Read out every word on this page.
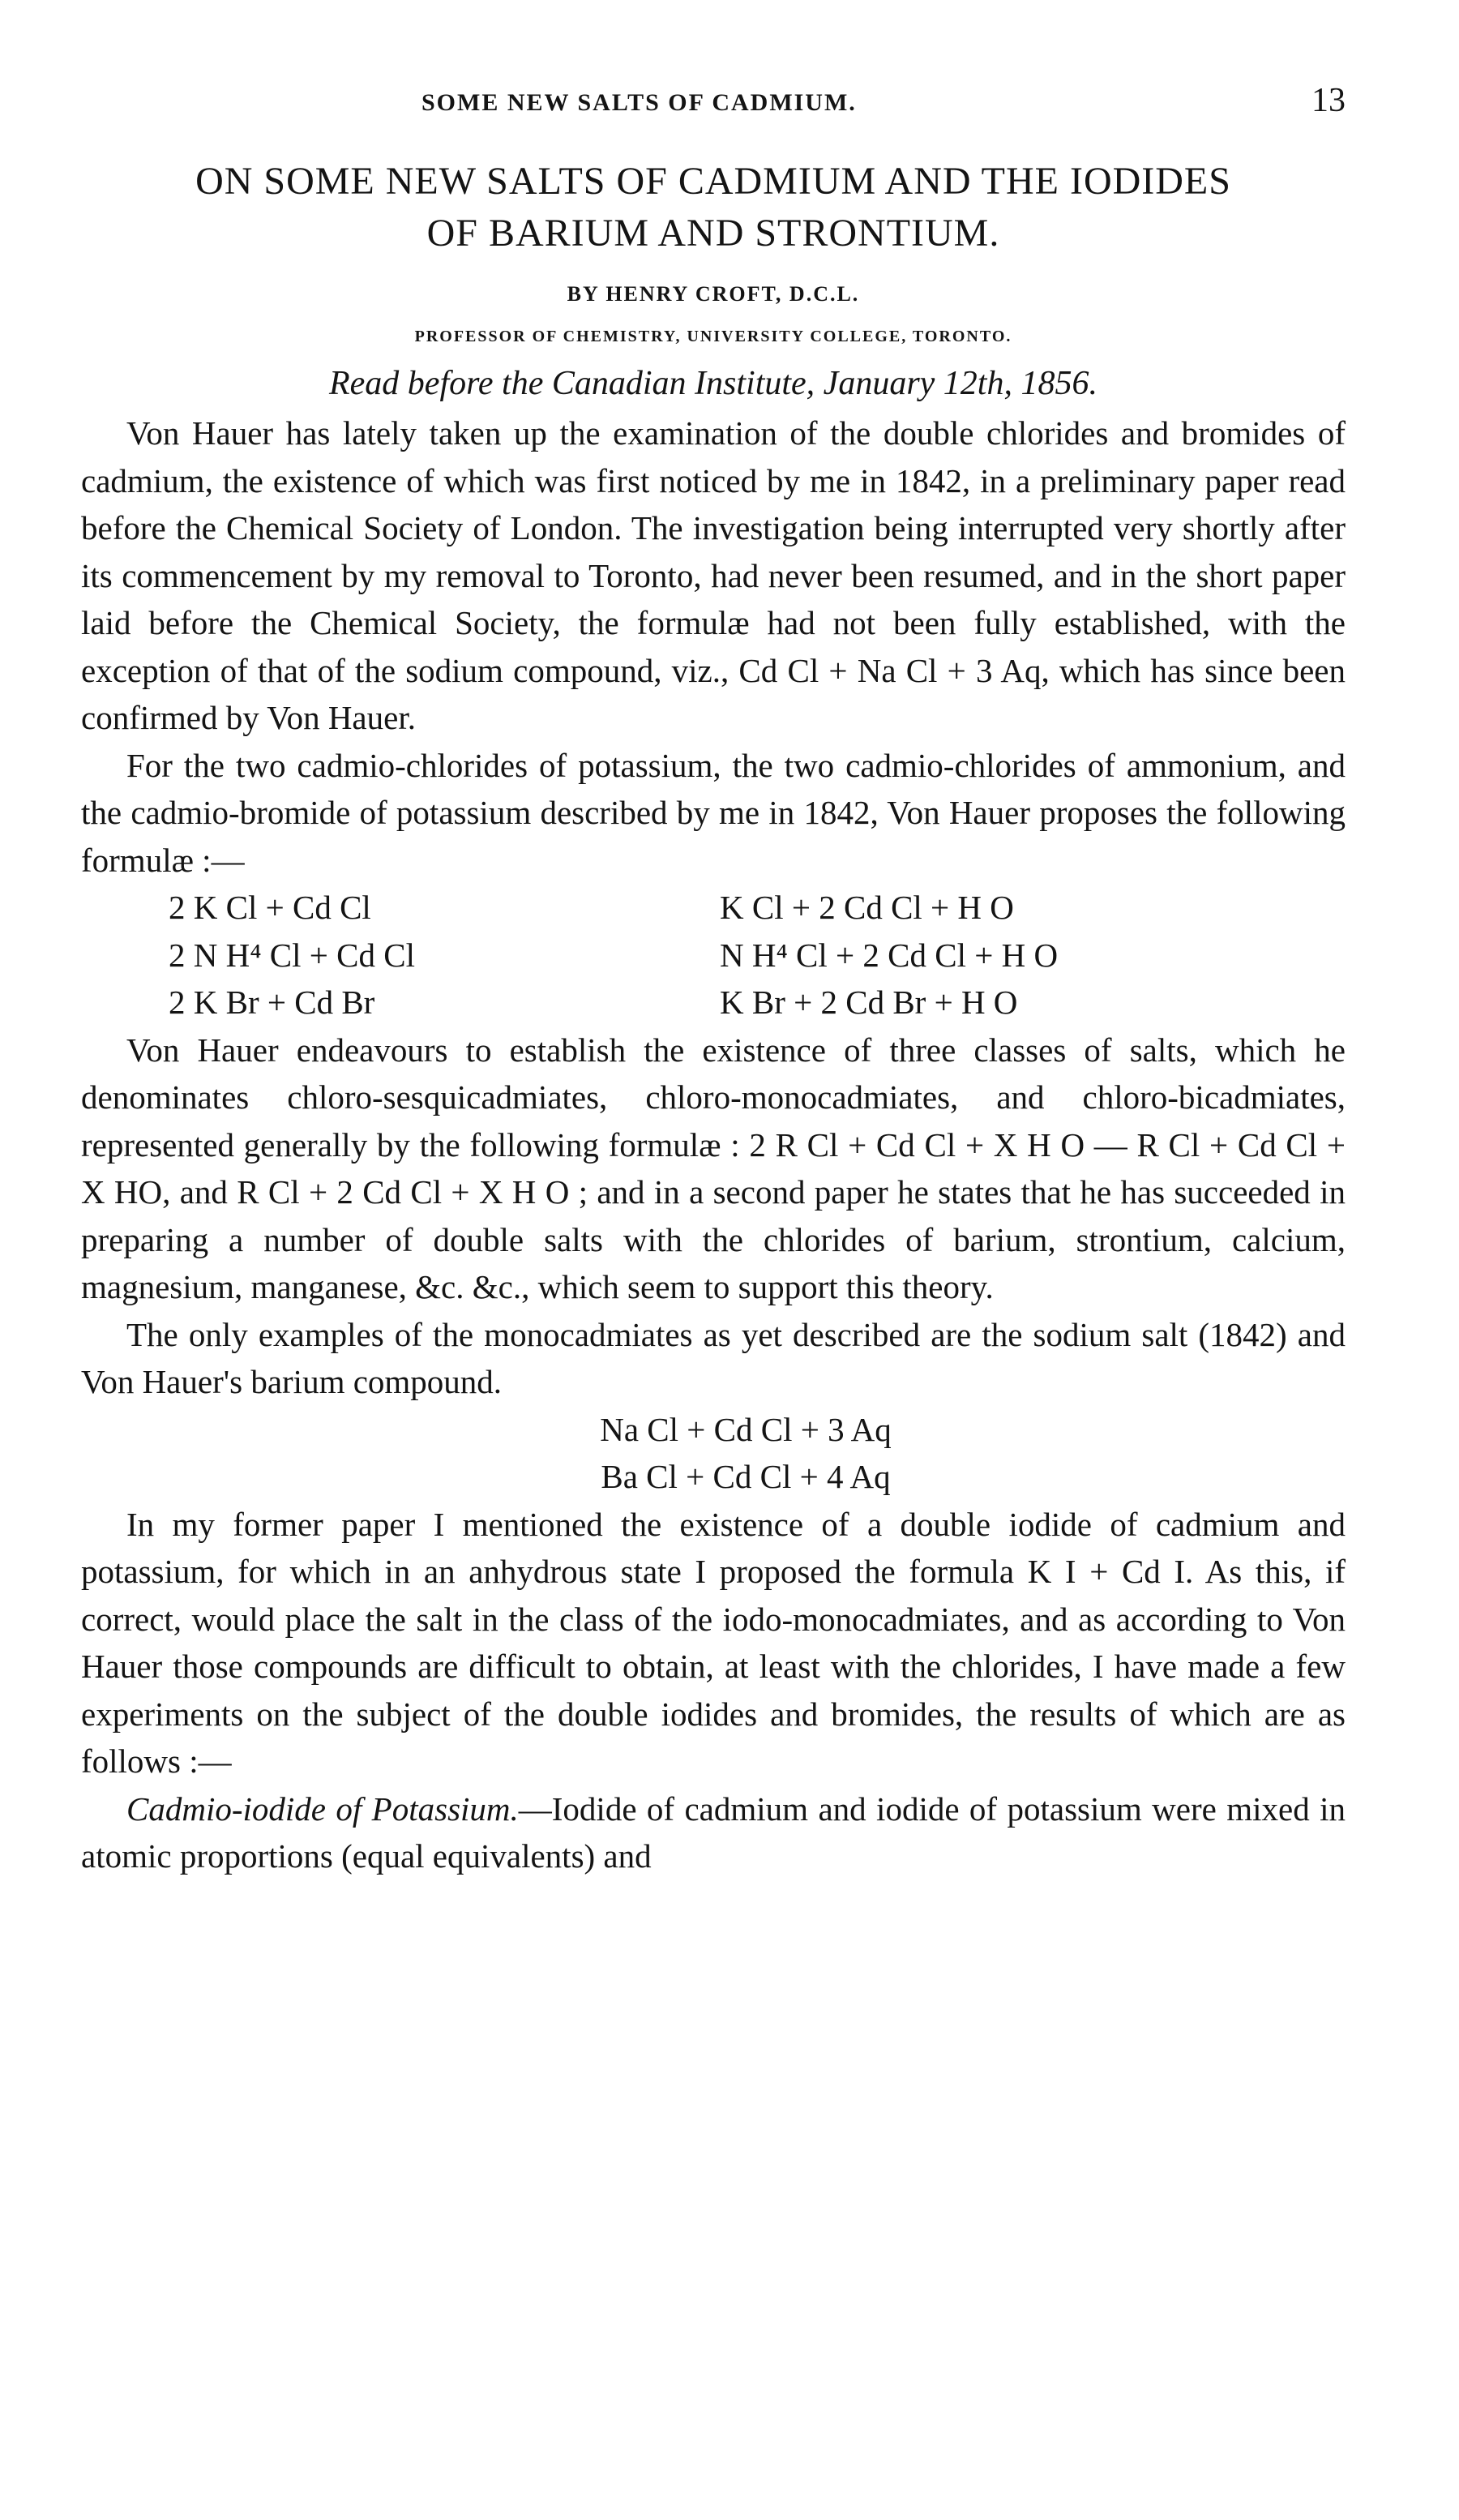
SOME NEW SALTS OF CADMIUM.	13
ON SOME NEW SALTS OF CADMIUM AND THE IODIDES
OF BARIUM AND STRONTIUM.
BY HENRY CROFT, D.C.L.
PROFESSOR OF CHEMISTRY, UNIVERSITY COLLEGE, TORONTO.
Read before the Canadian Institute, January 12th, 1856.

Von Hauer has lately taken up the examination of the double chlorides and bromides of cadmium, the existence of which was first noticed by me in 1842, in a preliminary paper read before the Chemical Society of London. The investigation being interrupted very shortly after its commencement by my removal to Toronto, had never been resumed, and in the short paper laid before the Chemical Society, the formulæ had not been fully established, with the exception of that of the sodium compound, viz., Cd Cl + Na Cl + 3 Aq, which has since been confirmed by Von Hauer.

For the two cadmio-chlorides of potassium, the two cadmio-chlorides of ammonium, and the cadmio-bromide of potassium described by me in 1842, Von Hauer proposes the following formulæ :—

2 K Cl + Cd Cl	K Cl + 2 Cd Cl + H O
2 N H⁴ Cl + Cd Cl	N H⁴ Cl + 2 Cd Cl + H O
2 K Br + Cd Br	K Br + 2 Cd Br + H O

Von Hauer endeavours to establish the existence of three classes of salts, which he denominates chloro-sesquicadmiates, chloro-monocadmiates, and chloro-bicadmiates, represented generally by the following formulæ : 2 R Cl + Cd Cl + X H O — R Cl + Cd Cl + X HO, and R Cl + 2 Cd Cl + X H O ; and in a second paper he states that he has succeeded in preparing a number of double salts with the chlorides of barium, strontium, calcium, magnesium, manganese, &c. &c., which seem to support this theory.

The only examples of the monocadmiates as yet described are the sodium salt (1842) and Von Hauer's barium compound.

Na Cl + Cd Cl + 3 Aq
Ba Cl + Cd Cl + 4 Aq

In my former paper I mentioned the existence of a double iodide of cadmium and potassium, for which in an anhydrous state I proposed the formula K I + Cd I. As this, if correct, would place the salt in the class of the iodo-monocadmiates, and as according to Von Hauer those compounds are difficult to obtain, at least with the chlorides, I have made a few experiments on the subject of the double iodides and bromides, the results of which are as follows :—

Cadmio-iodide of Potassium.—Iodide of cadmium and iodide of potassium were mixed in atomic proportions (equal equivalents) and
